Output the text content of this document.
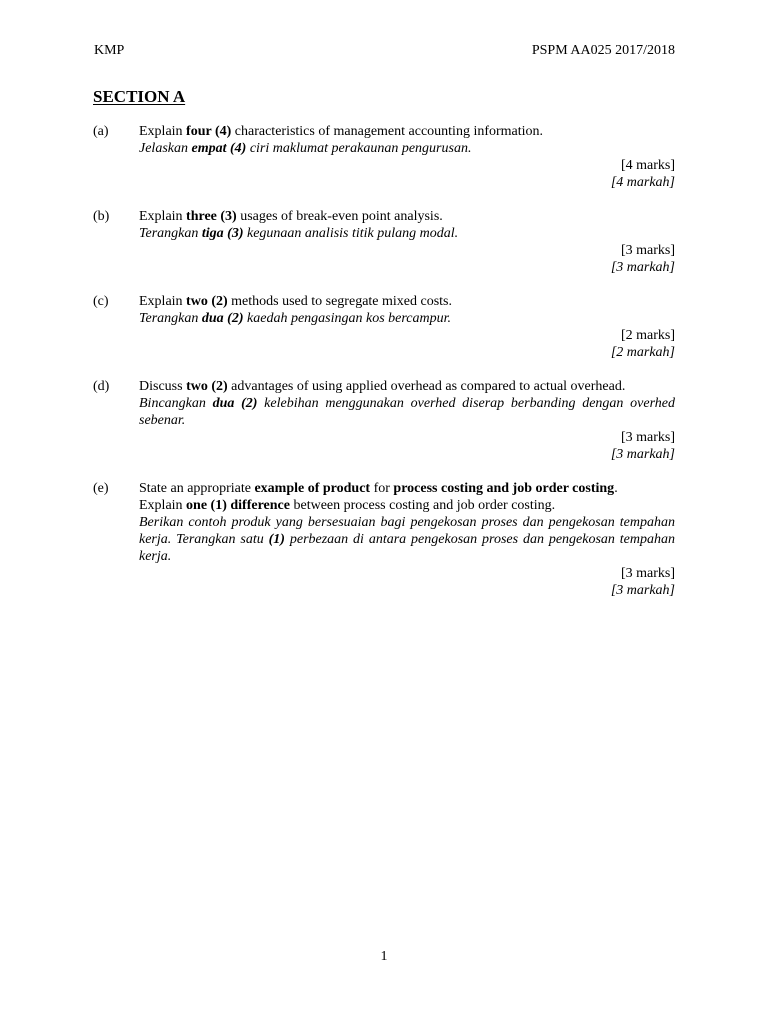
KMP	PSPM AA025 2017/2018
SECTION A
(a)	Explain four (4) characteristics of management accounting information.

Jelaskan empat (4) ciri maklumat perakaunan pengurusan.

[4 marks]

[4 markah]

(b)	Explain three (3) usages of break-even point analysis.

Terangkan tiga (3) kegunaan analisis titik pulang modal.

[3 marks]

[3 markah]

(c)	Explain two (2) methods used to segregate mixed costs.

Terangkan dua (2) kaedah pengasingan kos bercampur.

[2 marks]

[2 markah]

(d)	Discuss two (2) advantages of using applied overhead as compared to actual overhead.

Bincangkan dua (2) kelebihan menggunakan overhed diserap berbanding dengan overhed sebenar.

[3 marks]

[3 markah]

(e)	State an appropriate example of product for process costing and job order costing.

Explain one (1) difference between process costing and job order costing.

Berikan contoh produk yang bersesuaian bagi pengekosan proses dan pengekosan tempahan kerja. Terangkan satu (1) perbezaan di antara pengekosan proses dan pengekosan tempahan kerja.

[3 marks]

[3 markah]

1
